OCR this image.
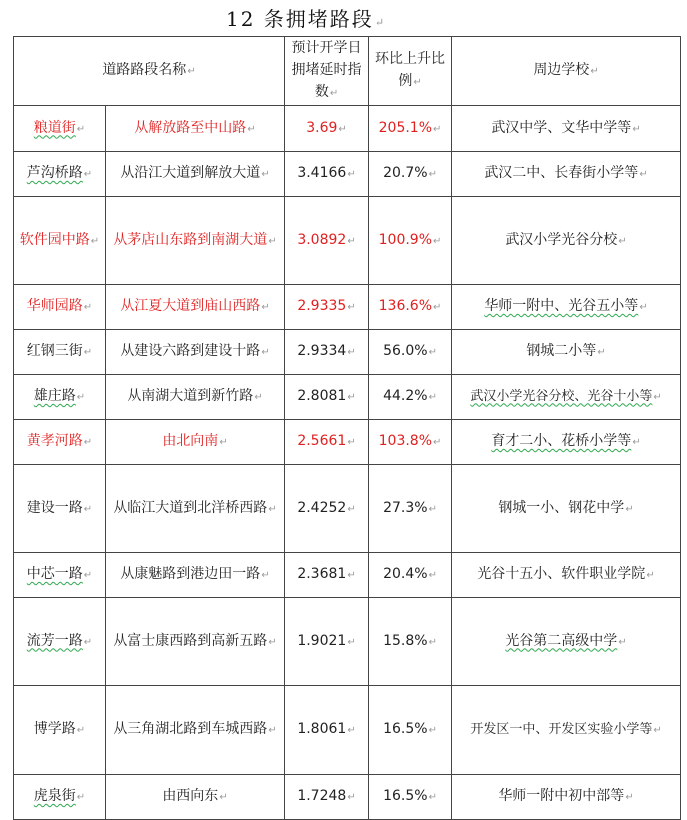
12 条拥堵路段↵
道路路段名称↵		预计开学日拥堵延时指数↵	环比上升比例↵	周边学校↵
粮道街↵	从解放路至中山路↵	3.69↵	205.1%↵	武汉中学、文华中学等↵
芦沟桥路↵	从沿江大道到解放大道↵	3.4166↵	20.7%↵	武汉二中、长春街小学等↵
软件园中路↵	从茅店山东路到南湖大道↵	3.0892↵	100.9%↵	武汉小学光谷分校↵
华师园路↵	从江夏大道到庙山西路↵	2.9335↵	136.6%↵	华师一附中、光谷五小等↵
红钢三街↵	从建设六路到建设十路↵	2.9334↵	56.0%↵	钢城二小等↵
雄庄路↵	从南湖大道到新竹路↵	2.8081↵	44.2%↵	武汉小学光谷分校、光谷十小等↵
黄孝河路↵	由北向南↵	2.5661↵	103.8%↵	育才二小、花桥小学等↵
建设一路↵	从临江大道到北洋桥西路↵	2.4252↵	27.3%↵	钢城一小、钢花中学↵
中芯一路↵	从康魅路到港边田一路↵	2.3681↵	20.4%↵	光谷十五小、软件职业学院↵
流芳一路↵	从富士康西路到高新五路↵	1.9021↵	15.8%↵	光谷第二高级中学↵
博学路↵	从三角湖北路到车城西路↵	1.8061↵	16.5%↵	开发区一中、开发区实验小学等↵
虎泉街↵	由西向东↵	1.7248↵	16.5%↵	华师一附中初中部等↵
